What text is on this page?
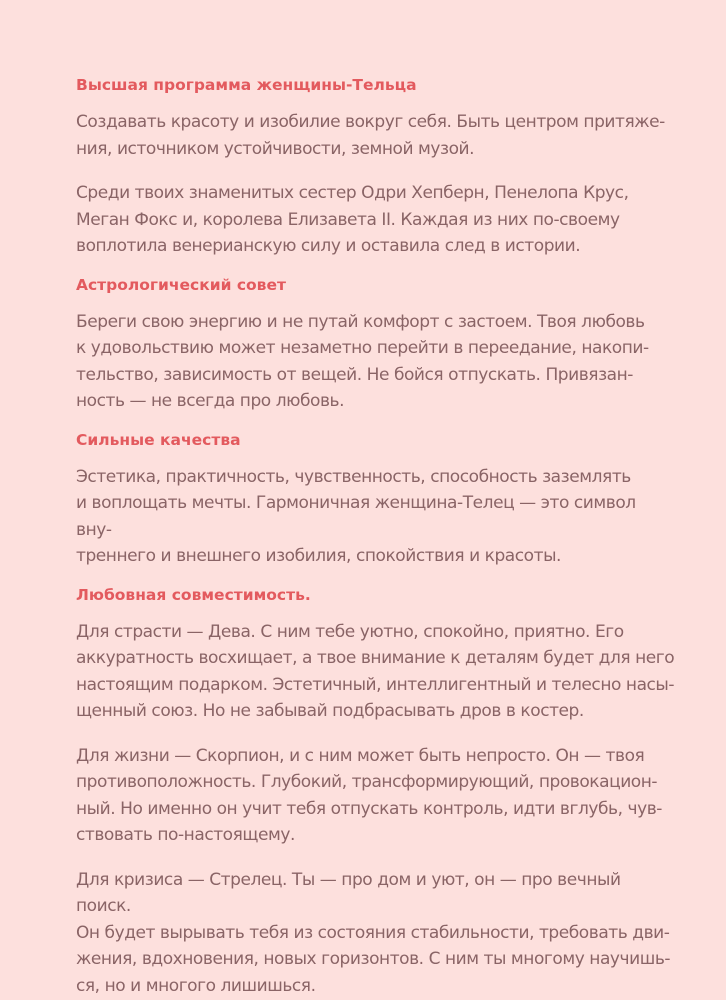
Высшая программа женщины-Тельца

Создавать красоту и изобилие вокруг себя. Быть центром притяже-
ния, источником устойчивости, земной музой.

Среди твоих знаменитых сестер Одри Хепберн, Пенелопа Крус,
Меган Фокс и, королева Елизавета II. Каждая из них по-своему
воплотила венерианскую силу и оставила след в истории.

Астрологический совет

Береги свою энергию и не путай комфорт с застоем. Твоя любовь
к удовольствию может незаметно перейти в переедание, накопи-
тельство, зависимость от вещей. Не бойся отпускать. Привязан-
ность — не всегда про любовь.

Сильные качества

Эстетика, практичность, чувственность, способность заземлять
и воплощать мечты. Гармоничная женщина-Телец — это символ вну-
треннего и внешнего изобилия, спокойствия и красоты.

Любовная совместимость.

Для страсти — Дева. С ним тебе уютно, спокойно, приятно. Его
аккуратность восхищает, а твое внимание к деталям будет для него
настоящим подарком. Эстетичный, интеллигентный и телесно насы-
щенный союз. Но не забывай подбрасывать дров в костер.

Для жизни — Скорпион, и с ним может быть непросто. Он — твоя
противоположность. Глубокий, трансформирующий, провокацион-
ный. Но именно он учит тебя отпускать контроль, идти вглубь, чув-
ствовать по-настоящему.

Для кризиса — Стрелец. Ты — про дом и уют, он — про вечный поиск.
Он будет вырывать тебя из состояния стабильности, требовать дви-
жения, вдохновения, новых горизонтов. С ним ты многому научишь-
ся, но и многого лишишься.
